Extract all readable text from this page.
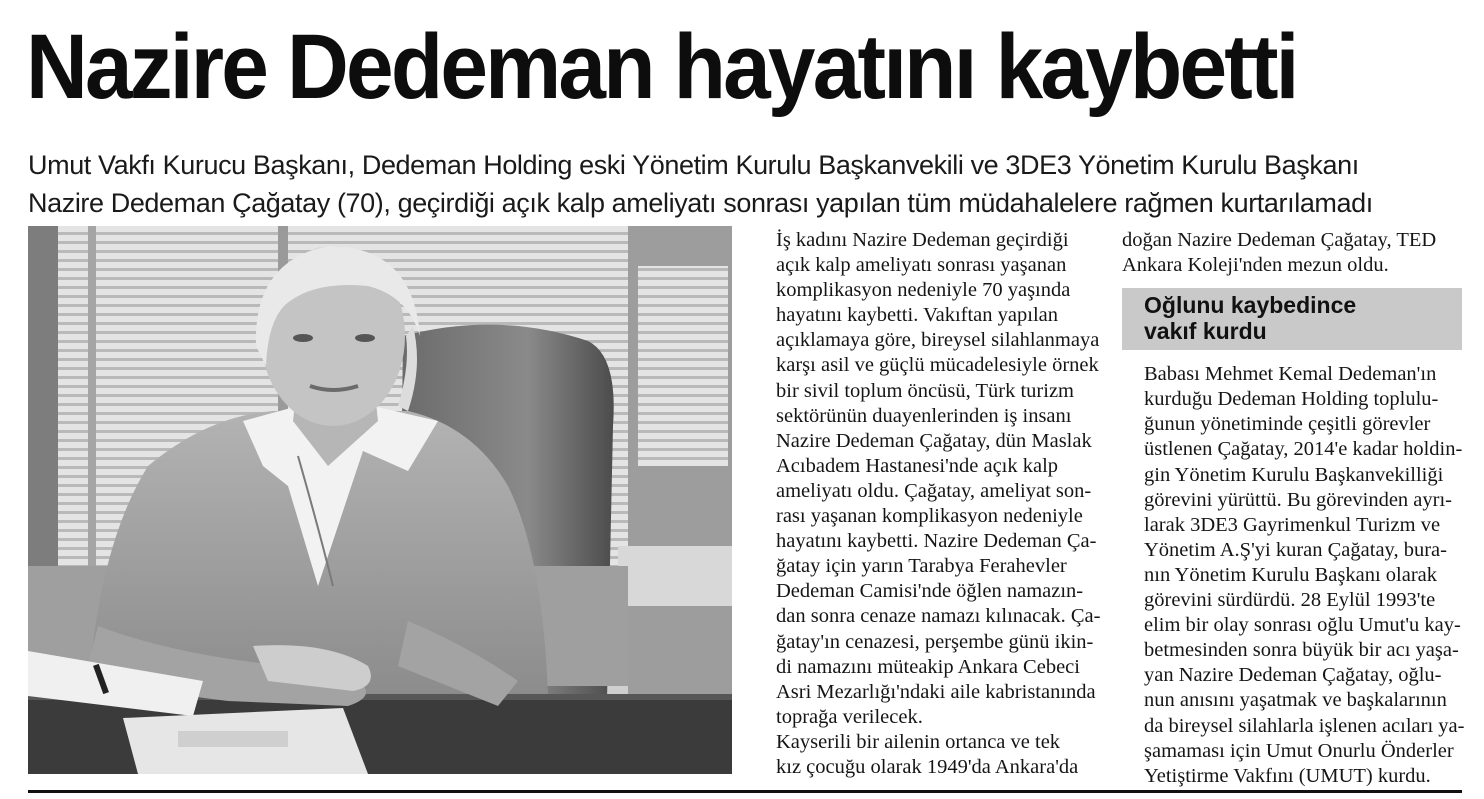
Nazire Dedeman hayatını kaybetti
Umut Vakfı Kurucu Başkanı, Dedeman Holding eski Yönetim Kurulu Başkanvekili ve 3DE3 Yönetim Kurulu Başkanı
Nazire Dedeman Çağatay (70), geçirdiği açık kalp ameliyatı sonrası yapılan tüm müdahalelere rağmen kurtarılamadı

İş kadını Nazire Dedeman geçirdiği
açık kalp ameliyatı sonrası yaşanan
komplikasyon nedeniyle 70 yaşında
hayatını kaybetti. Vakıftan yapılan
açıklamaya göre, bireysel silahlanmaya
karşı asil ve güçlü mücadelesiyle örnek
bir sivil toplum öncüsü, Türk turizm
sektörünün duayenlerinden iş insanı
Nazire Dedeman Çağatay, dün Maslak
Acıbadem Hastanesi'nde açık kalp
ameliyatı oldu. Çağatay, ameliyat son-
rası yaşanan komplikasyon nedeniyle
hayatını kaybetti. Nazire Dedeman Ça-
ğatay için yarın Tarabya Ferahevler
Dedeman Camisi'nde öğlen namazın-
dan sonra cenaze namazı kılınacak. Ça-
ğatay'ın cenazesi, perşembe günü ikin-
di namazını müteakip Ankara Cebeci
Asri Mezarlığı'ndaki aile kabristanında
toprağa verilecek.

Kayserili bir ailenin ortanca ve tek
kız çocuğu olarak 1949'da Ankara'da

doğan Nazire Dedeman Çağatay, TED
Ankara Koleji'nden mezun oldu.

Oğlunu kaybedince
vakıf kurdu

Babası Mehmet Kemal Dedeman'ın
kurduğu Dedeman Holding toplulu-
ğunun yönetiminde çeşitli görevler
üstlenen Çağatay, 2014'e kadar holdin-
gin Yönetim Kurulu Başkanvekilliği
görevini yürüttü. Bu görevinden ayrı-
larak 3DE3 Gayrimenkul Turizm ve
Yönetim A.Ş'yi kuran Çağatay, bura-
nın Yönetim Kurulu Başkanı olarak
görevini sürdürdü. 28 Eylül 1993'te
elim bir olay sonrası oğlu Umut'u kay-
betmesinden sonra büyük bir acı yaşa-
yan Nazire Dedeman Çağatay, oğlu-
nun anısını yaşatmak ve başkalarının
da bireysel silahlarla işlenen acıları ya-
şamaması için Umut Onurlu Önderler
Yetiştirme Vakfını (UMUT) kurdu.
